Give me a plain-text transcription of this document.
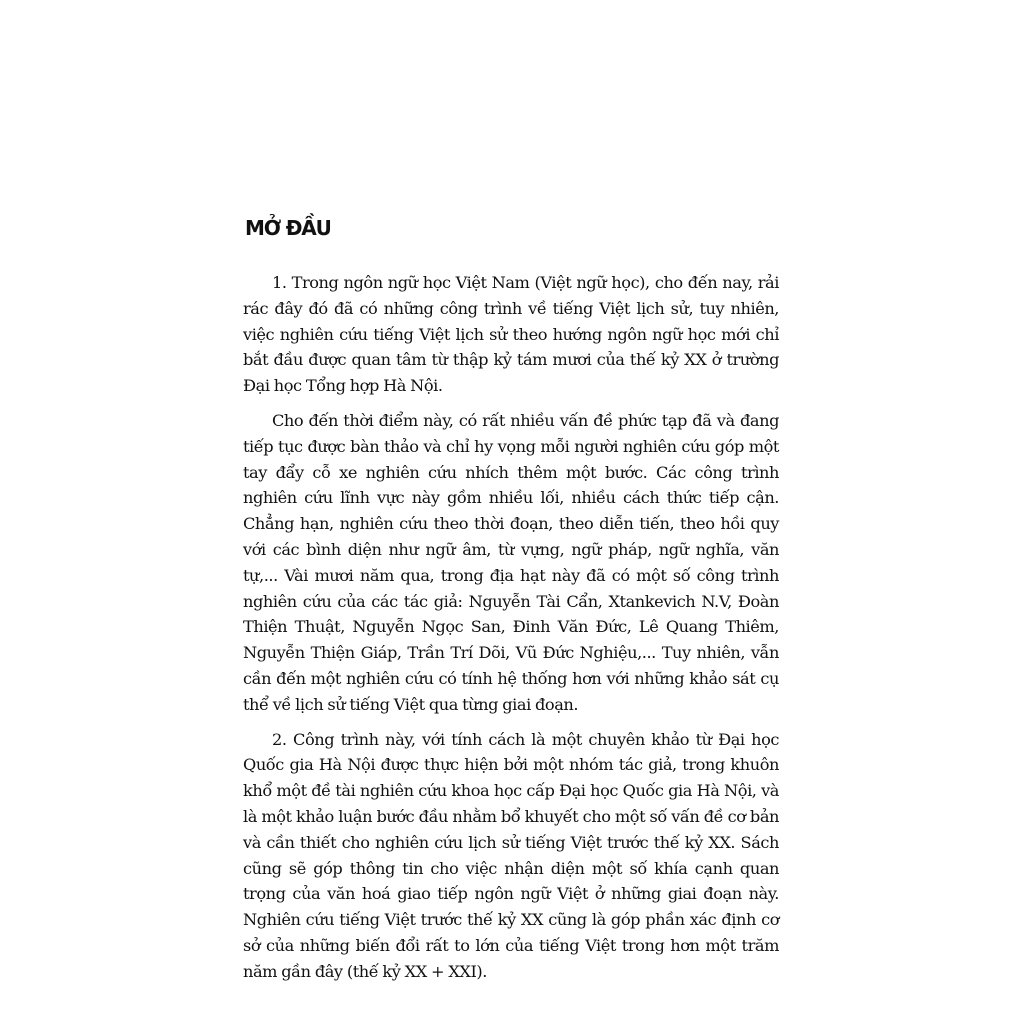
MỞ ĐẦU

1. Trong ngôn ngữ học Việt Nam (Việt ngữ học), cho đến nay, rải rác đây đó đã có những công trình về tiếng Việt lịch sử, tuy nhiên, việc nghiên cứu tiếng Việt lịch sử theo hướng ngôn ngữ học mới chỉ bắt đầu được quan tâm từ thập kỷ tám mươi của thế kỷ XX ở trường Đại học Tổng hợp Hà Nội.

Cho đến thời điểm này, có rất nhiều vấn đề phức tạp đã và đang tiếp tục được bàn thảo và chỉ hy vọng mỗi người nghiên cứu góp một tay đẩy cỗ xe nghiên cứu nhích thêm một bước. Các công trình nghiên cứu lĩnh vực này gồm nhiều lối, nhiều cách thức tiếp cận. Chẳng hạn, nghiên cứu theo thời đoạn, theo diễn tiến, theo hồi quy với các bình diện như ngữ âm, từ vựng, ngữ pháp, ngữ nghĩa, văn tự,... Vài mươi năm qua, trong địa hạt này đã có một số công trình nghiên cứu của các tác giả: Nguyễn Tài Cẩn, Xtankevich N.V, Đoàn Thiện Thuật, Nguyễn Ngọc San, Đinh Văn Đức, Lê Quang Thiêm, Nguyễn Thiện Giáp, Trần Trí Dõi, Vũ Đức Nghiệu,... Tuy nhiên, vẫn cần đến một nghiên cứu có tính hệ thống hơn với những khảo sát cụ thể về lịch sử tiếng Việt qua từng giai đoạn.

2. Công trình này, với tính cách là một chuyên khảo từ Đại học Quốc gia Hà Nội được thực hiện bởi một nhóm tác giả, trong khuôn khổ một đề tài nghiên cứu khoa học cấp Đại học Quốc gia Hà Nội, và là một khảo luận bước đầu nhằm bổ khuyết cho một số vấn đề cơ bản và cần thiết cho nghiên cứu lịch sử tiếng Việt trước thế kỷ XX. Sách cũng sẽ góp thông tin cho việc nhận diện một số khía cạnh quan trọng của văn hoá giao tiếp ngôn ngữ Việt ở những giai đoạn này. Nghiên cứu tiếng Việt trước thế kỷ XX cũng là góp phần xác định cơ sở của những biến đổi rất to lớn của tiếng Việt trong hơn một trăm năm gần đây (thế kỷ XX + XXI).
